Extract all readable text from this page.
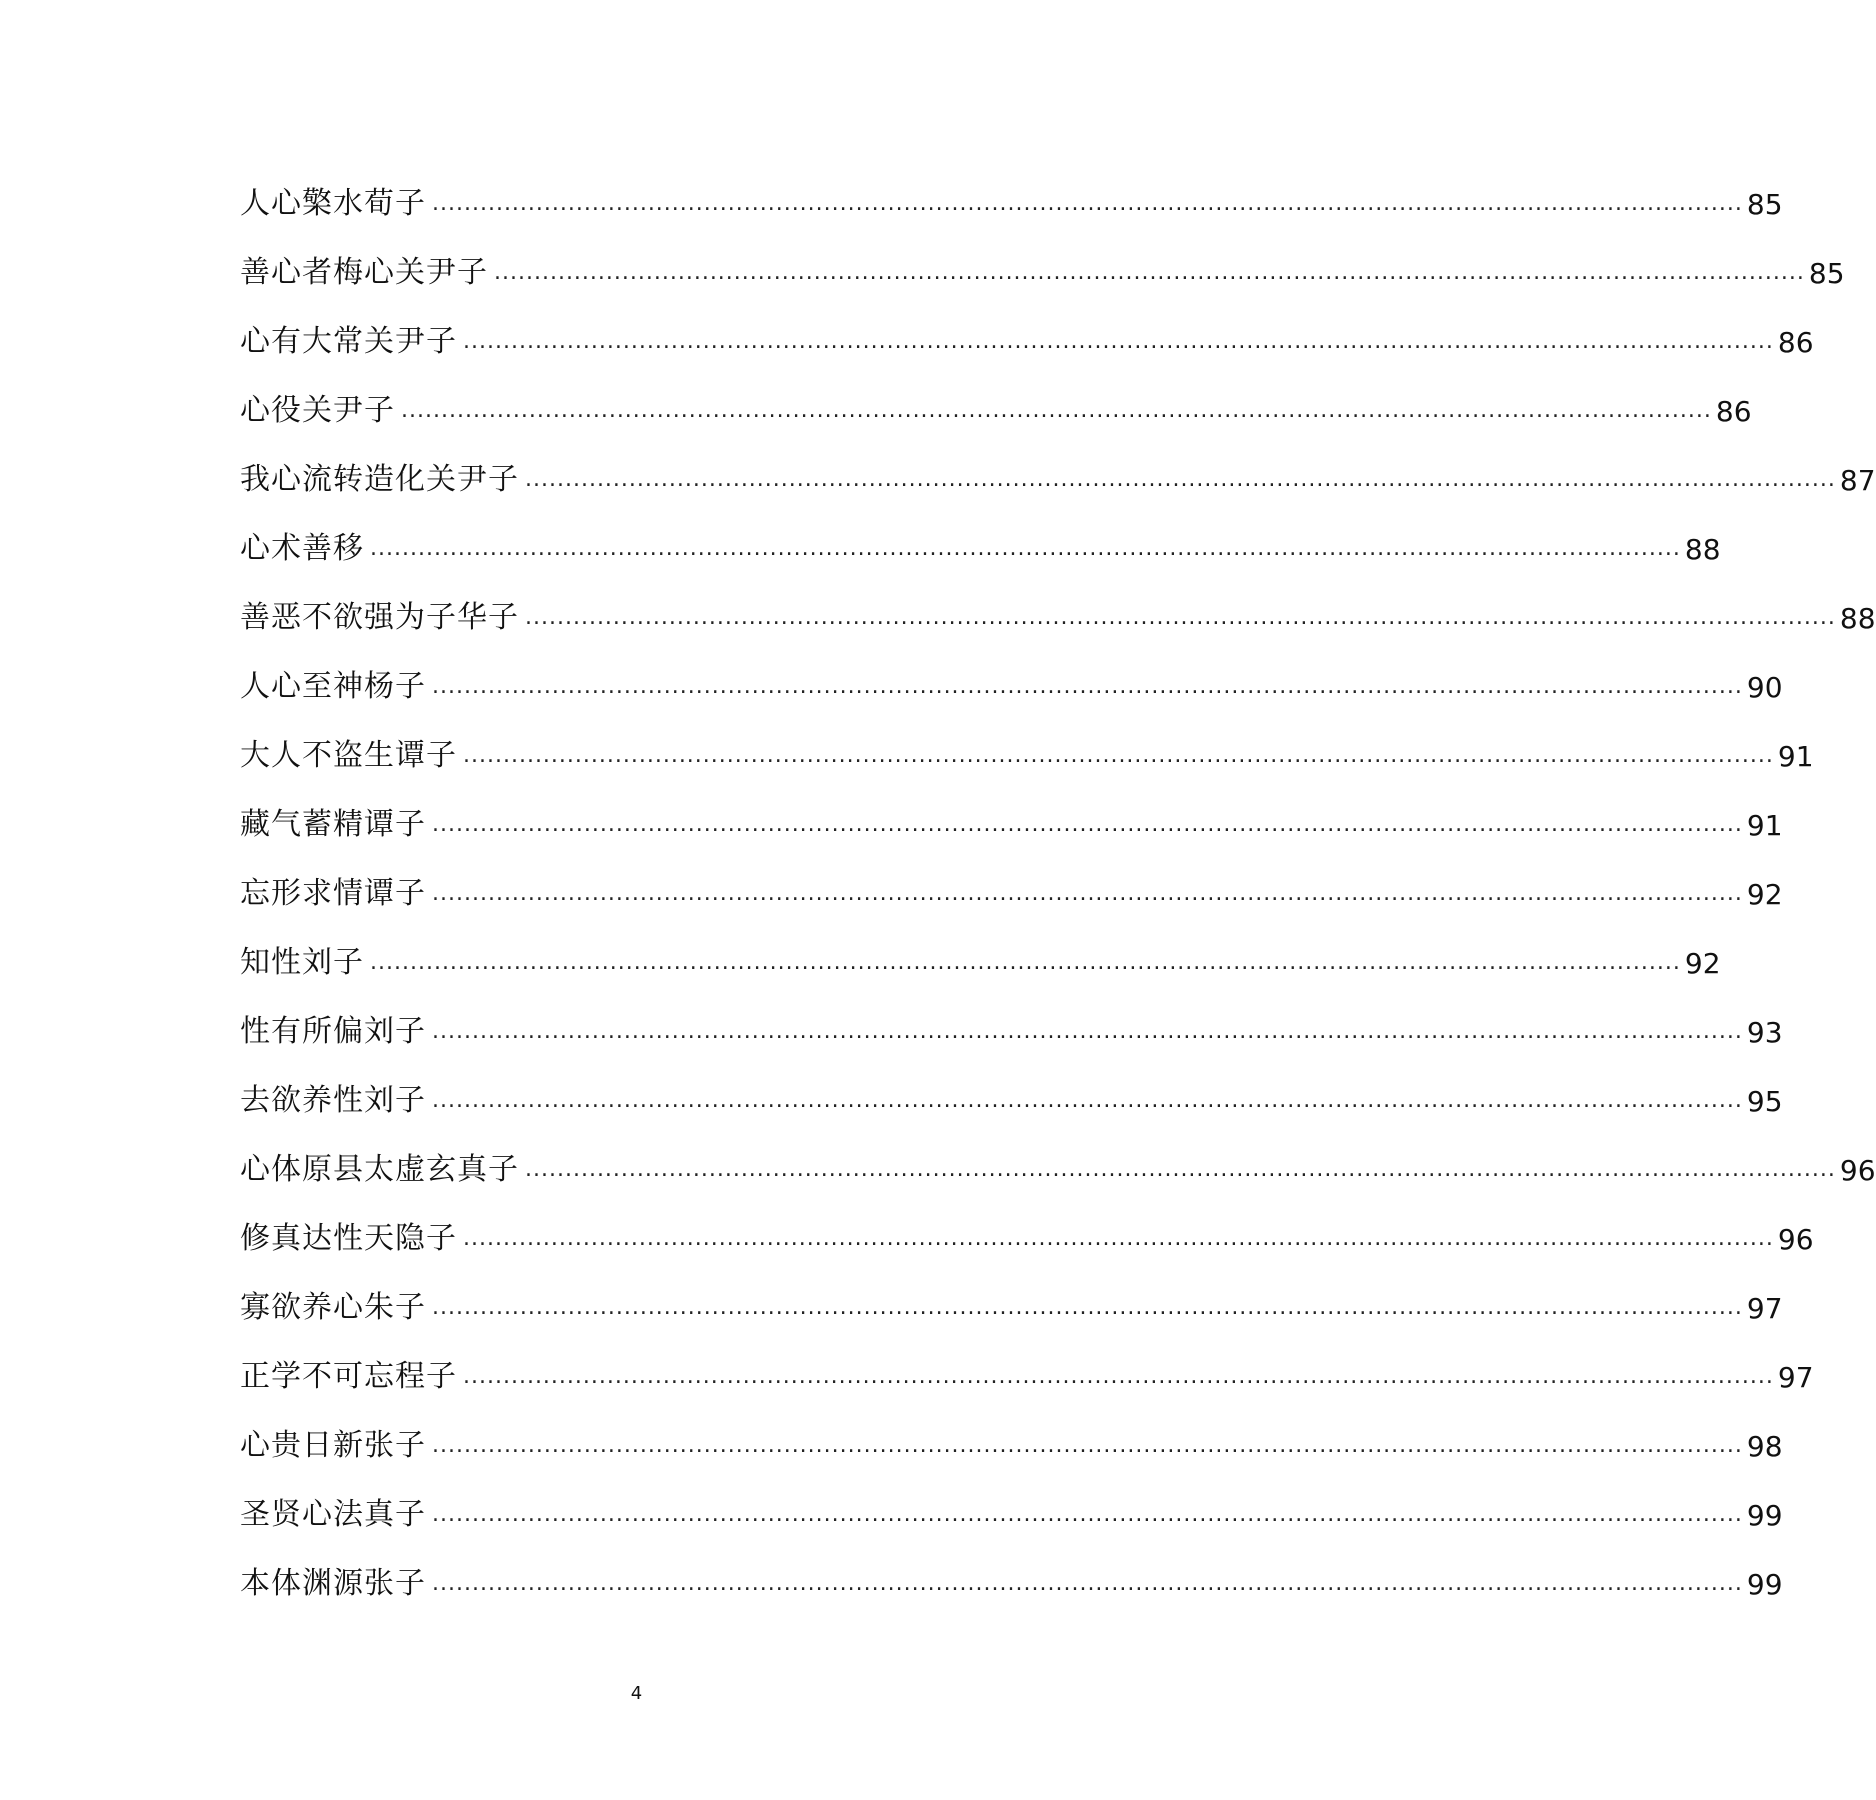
人心檠水荀子 .................................................................................................................................................................... 85
善心者梅心关尹子 .................................................................................................................................................................... 85
心有大常关尹子 .................................................................................................................................................................... 86
心役关尹子 .................................................................................................................................................................... 86
我心流转造化关尹子 .................................................................................................................................................................... 87
心术善移 .................................................................................................................................................................... 88
善恶不欲强为子华子 .................................................................................................................................................................... 88
人心至神杨子 .................................................................................................................................................................... 90
大人不盗生谭子 .................................................................................................................................................................... 91
藏气蓄精谭子 .................................................................................................................................................................... 91
忘形求情谭子 .................................................................................................................................................................... 92
知性刘子 .................................................................................................................................................................... 92
性有所偏刘子 .................................................................................................................................................................... 93
去欲养性刘子 .................................................................................................................................................................... 95
心体原县太虚玄真子 .................................................................................................................................................................... 96
修真达性天隐子 .................................................................................................................................................................... 96
寡欲养心朱子 .................................................................................................................................................................... 97
正学不可忘程子 .................................................................................................................................................................... 97
心贵日新张子 .................................................................................................................................................................... 98
圣贤心法真子 .................................................................................................................................................................... 99
本体渊源张子 .................................................................................................................................................................... 99
4
